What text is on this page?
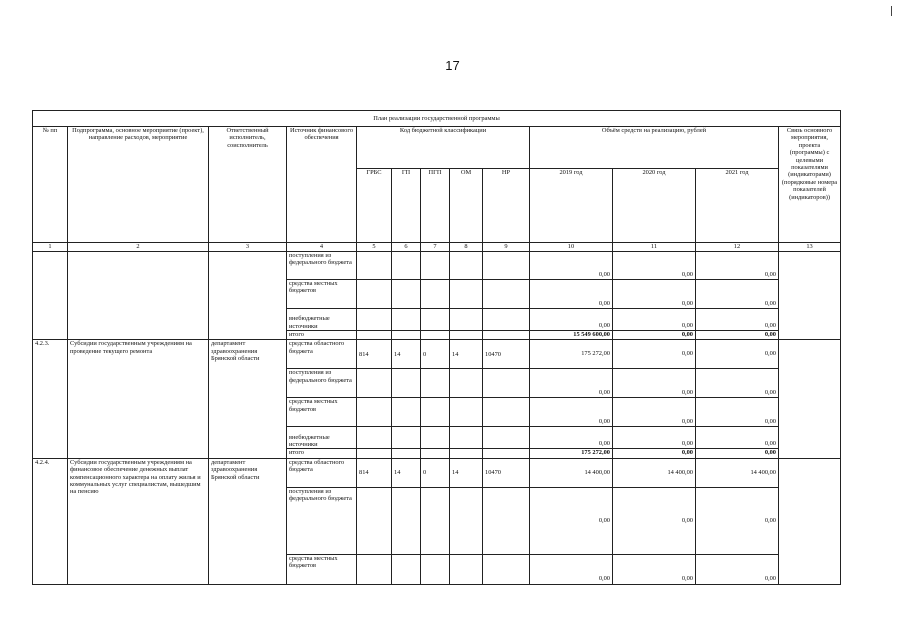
17
План реализации государственной программы												
№ пп	Подпрограмма, основное мероприятие (проект), направление расходов, мероприятие	Ответственный исполнитель, соисполнитель	Источник финансового обеспечения	Код бюджетной классификации					Объём средств на реализацию, рублей			Связь основного мероприятия, проекта (программы) с целевыми показателями (индикаторами) (порядковые номера показателей (индикаторов))
				ГРБС	ГП	ПГП	ОМ	НР	2019 год	2020 год	2021 год	
1	2	3	4	5	6	7	8	9	10	11	12	13
			поступления из федерального бюджета						0,00	0,00	0,00	
			средства местных бюджетов						0,00	0,00	0,00	
			внебюджетные источники						0,00	0,00	0,00	
			итого						15 549 600,00	0,00	0,00	
4.2.3.	Субсидии государственным учреждениям на проведение текущего ремонта	департамент здравоохранения Брянской области	средства областного бюджета	814	14	0	14	10470	175 272,00	0,00	0,00	
			поступления из федерального бюджета						0,00	0,00	0,00	
			средства местных бюджетов						0,00	0,00	0,00	
			внебюджетные источники						0,00	0,00	0,00	
			итого						175 272,00	0,00	0,00	
4.2.4.	Субсидии государственным учреждениям на финансовое обеспечение денежных выплат компенсационного характера на оплату жилья и коммунальных услуг специалистам, вышедшим на пенсию	департамент здравоохранения Брянской области	средства областного бюджета	814	14	0	14	10470	14 400,00	14 400,00	14 400,00	
			поступления из федерального бюджета						0,00	0,00	0,00	
			средства местных бюджетов						0,00	0,00	0,00	
